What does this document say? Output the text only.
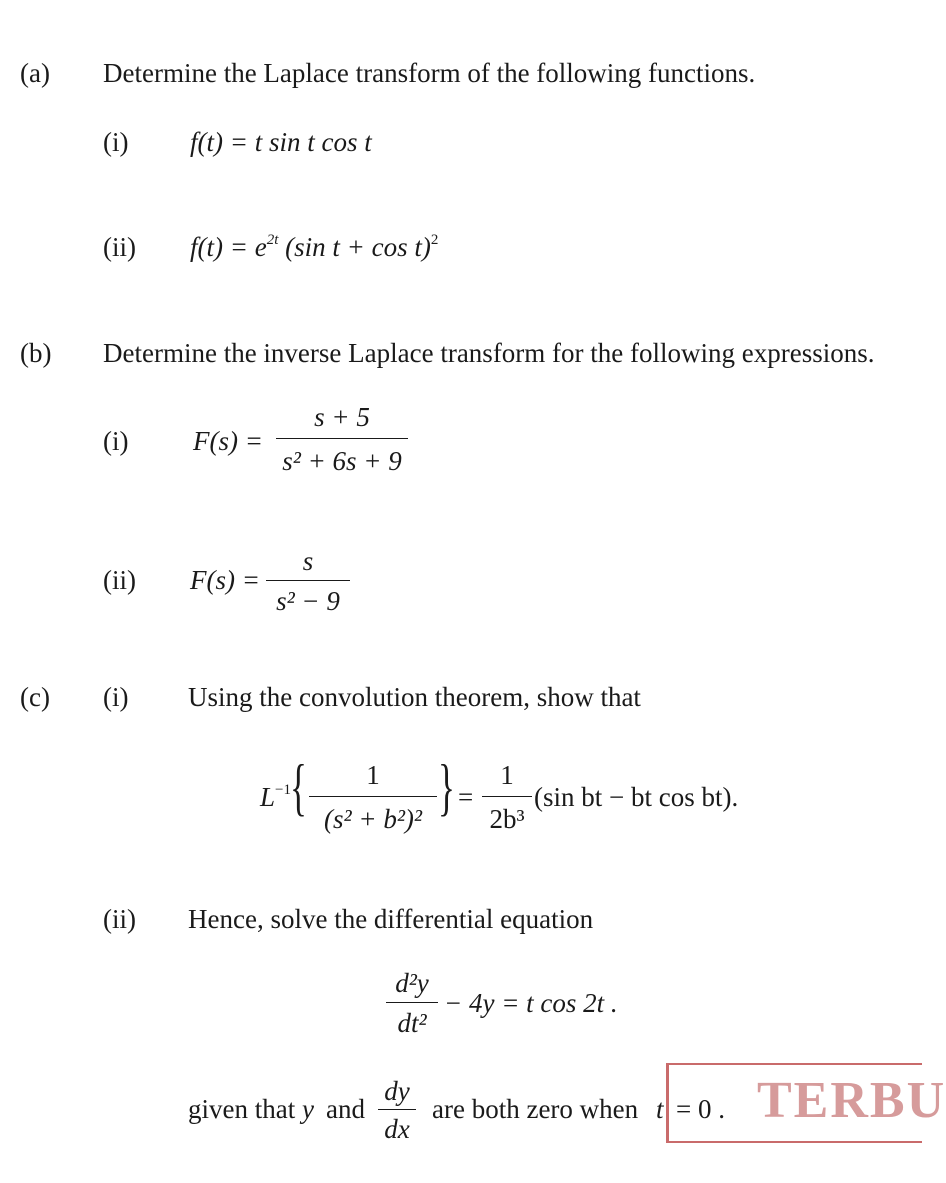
(a) Determine the Laplace transform of the following functions.
(i) f(t) = t sin t cos t
(ii) $f(t) = e^{2t}$ (sin t + cos t)$^2$
(b) Determine the inverse Laplace transform for the following expressions.
(i) F(s) =
s + 5
s² + 6s + 9
(ii) F(s) =
s
s² − 9
(c) (i) Using the convolution theorem, show that
$L^{-1}$ {	1
(s² + b²)² } =
1
2b³
(sin bt − bt cos bt).
(ii) Hence, solve the differential equation
d²y
dt²
− 4y = t cos 2t .
given that y and
dy
dx
are both zero when t = 0 . TERBU
